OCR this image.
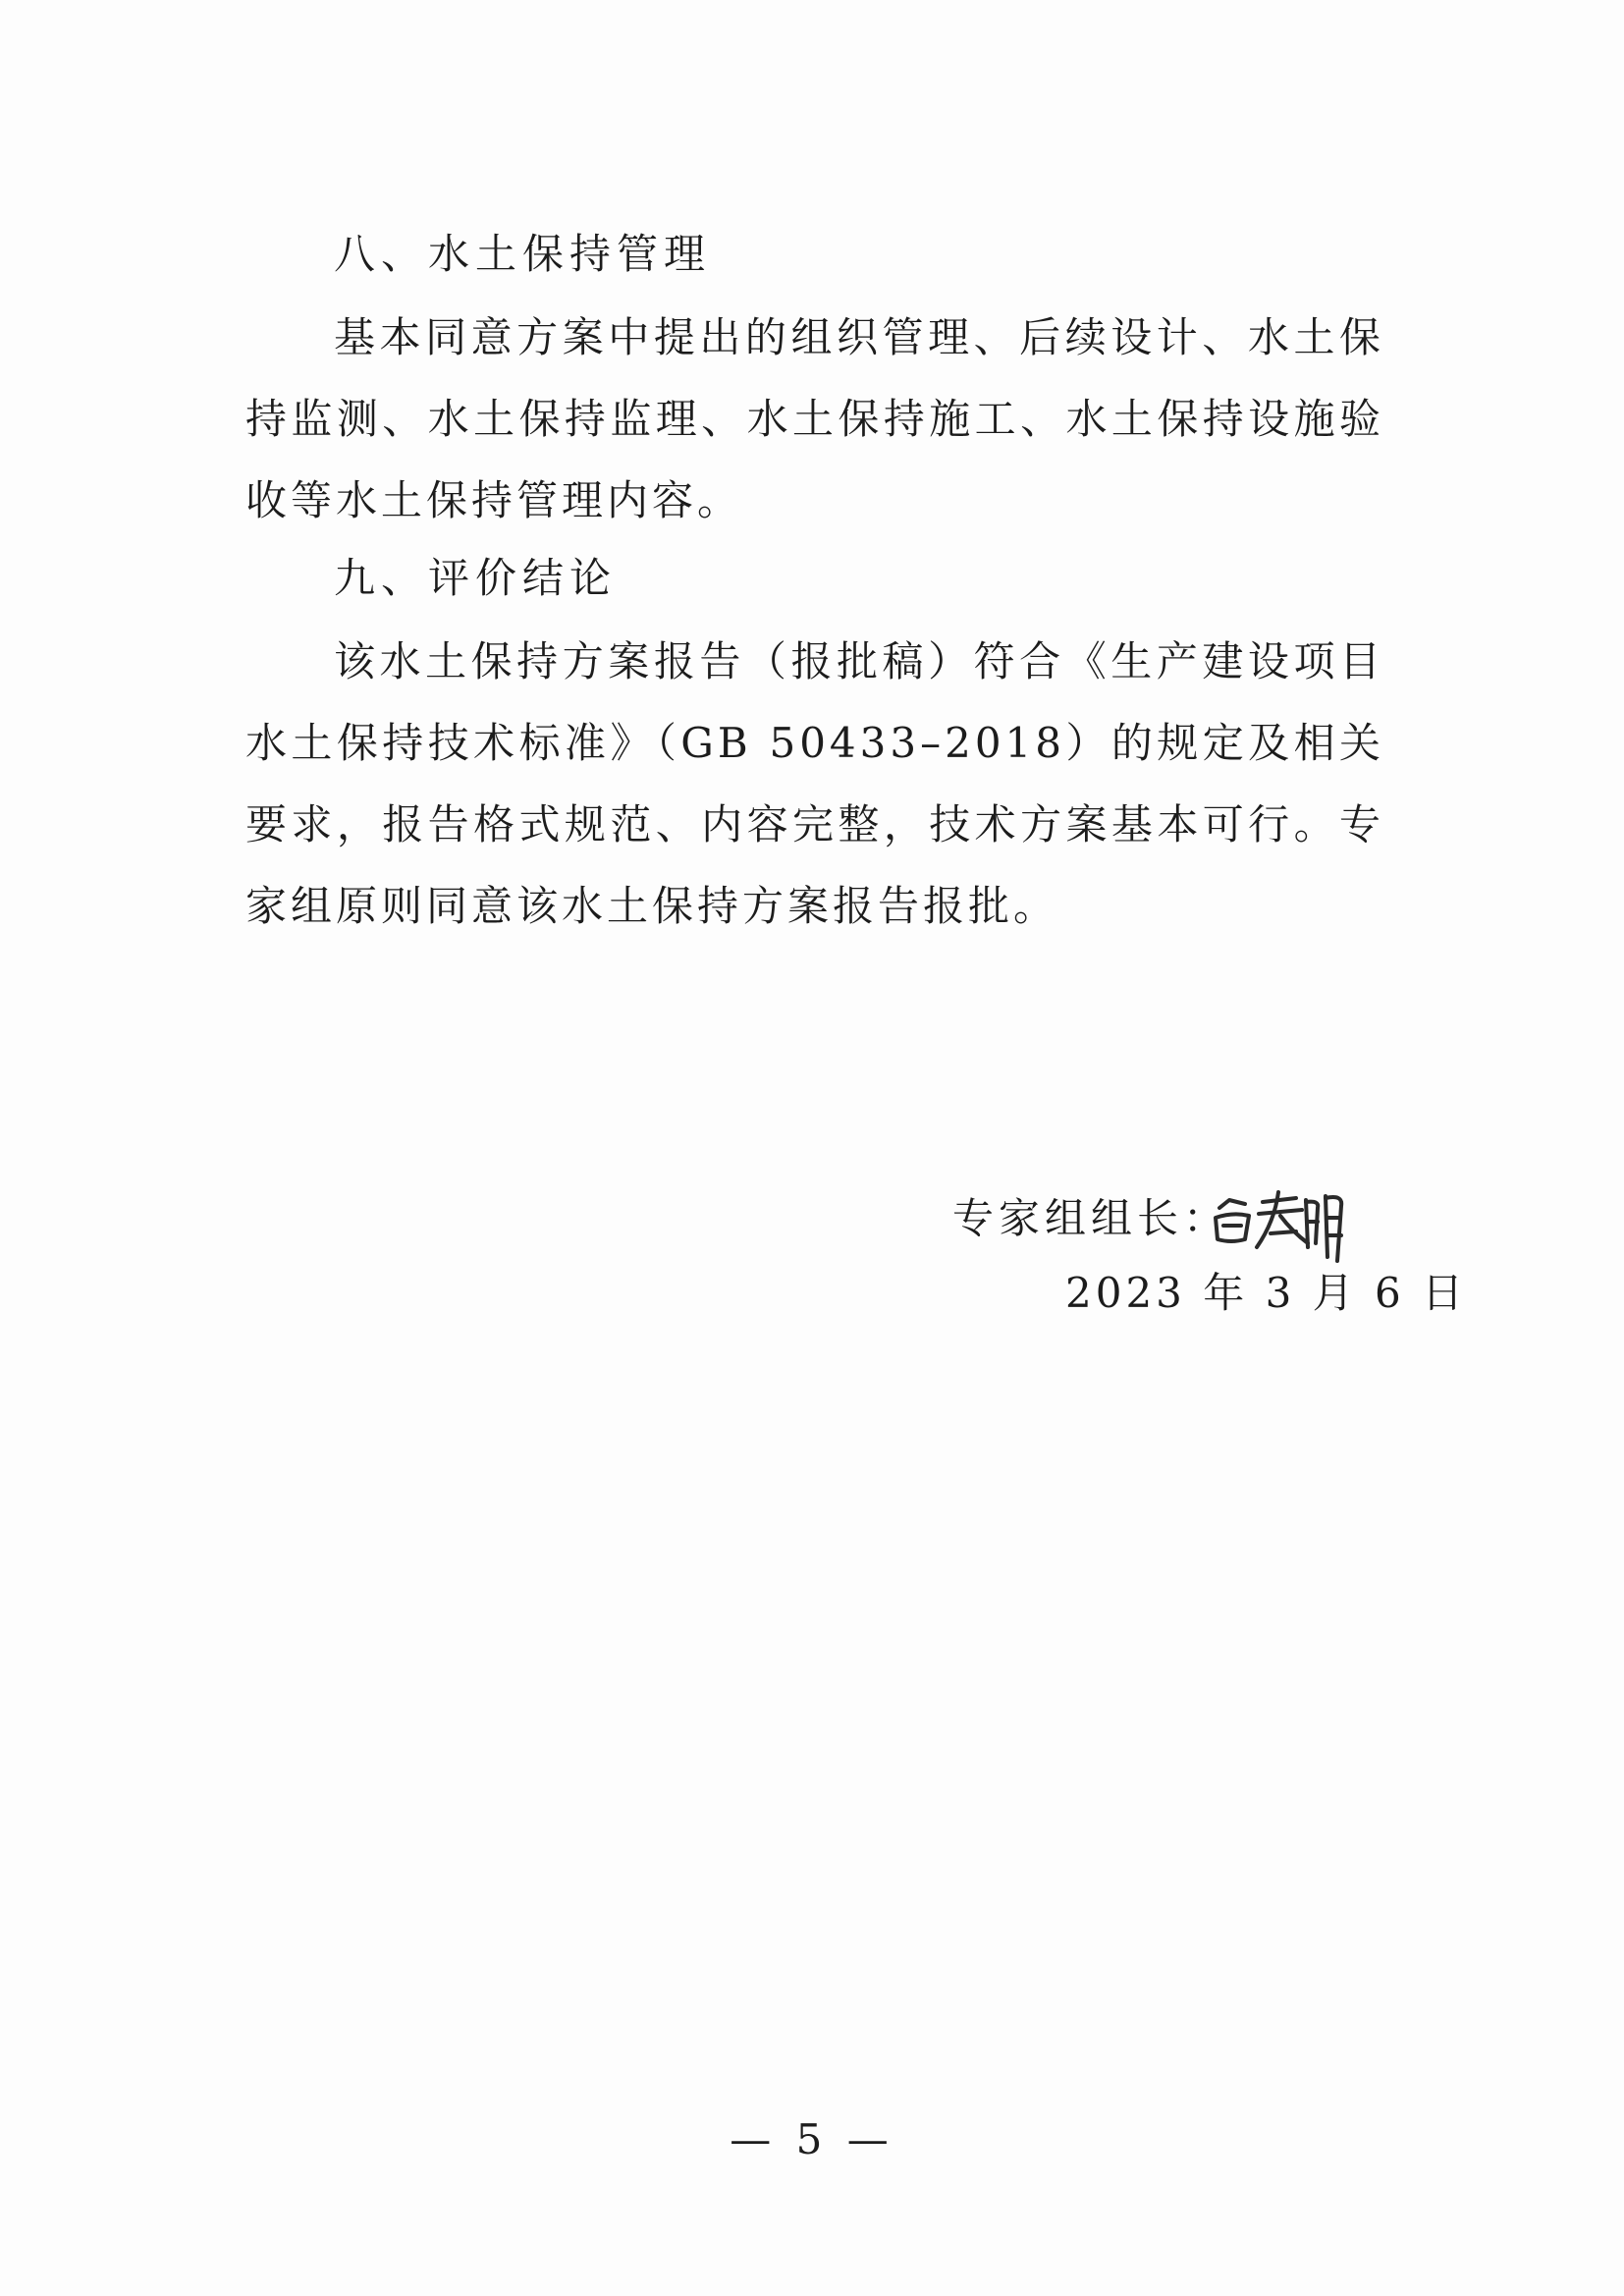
八、水土保持管理
基本同意方案中提出的组织管理、后续设计、水土保持监测、水土保持监理、水土保持施工、水土保持设施验收等水土保持管理内容。
九、评价结论
该水土保持方案报告（报批稿）符合《生产建设项目水土保持技术标准》（GB 50433–2018）的规定及相关要求，报告格式规范、内容完整，技术方案基本可行。专家组原则同意该水土保持方案报告报批。
专家组组长：
2023 年 3 月 6 日
— 5 —
